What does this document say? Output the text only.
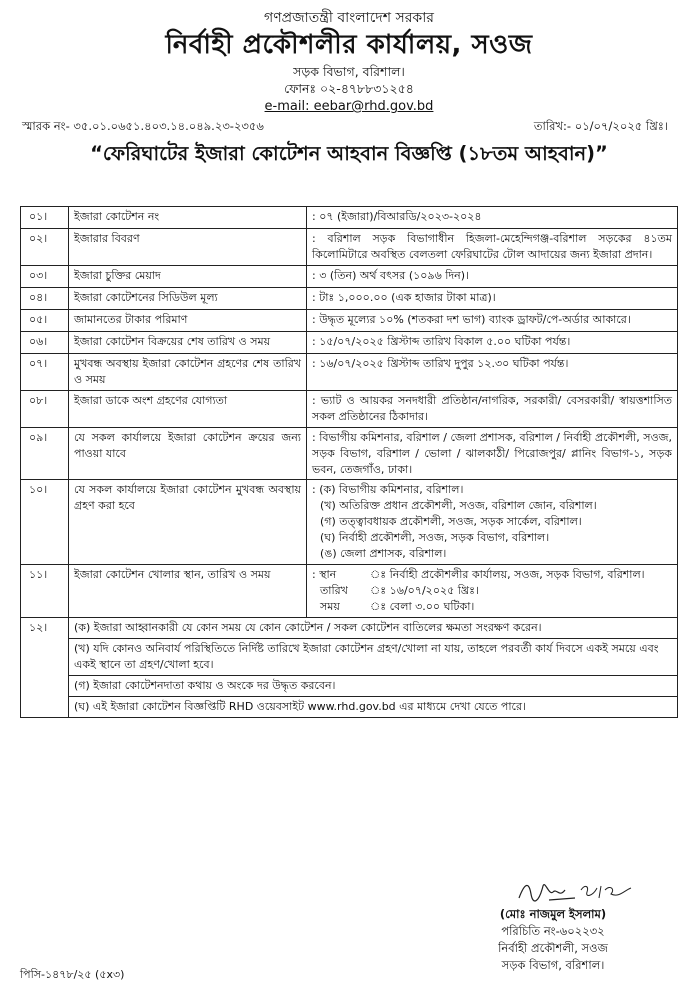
গণপ্রজাতন্ত্রী বাংলাদেশ সরকার
নির্বাহী প্রকৌশলীর কার্যালয়, সওজ
সড়ক বিভাগ, বরিশাল।
ফোনঃ ০২-৪৭৮৮৩১২৫৪
e-mail: eebar@rhd.gov.bd
স্মারক নং- ৩৫.০১.০৬৫১.৪০৩.১৪.০৪৯.২৩-২৩৫৬	তারিখ:- ০১/০৭/২০২৫ খ্রিঃ।
“ফেরিঘাটের ইজারা কোটেশন আহবান বিজ্ঞপ্তি (১৮তম আহবান)”
০১।	ইজারা কোটেশন নং	: ০৭ (ইজারা)/বিআরডি/২০২৩-২০২৪
০২।	ইজারার বিবরণ	: বরিশাল সড়ক বিভাগাধীন হিজলা-মেহেন্দিগঞ্জ-বরিশাল সড়কের ৪১তম কিলোমিটারে অবস্থিত বেলতলা ফেরিঘাটের টোল আদায়ের জন্য ইজারা প্রদান।
০৩।	ইজারা চুক্তির মেয়াদ	: ৩ (তিন) অর্থ বৎসর (১০৯৬ দিন)।
০৪।	ইজারা কোটেশনের সিডিউল মূল্য	: টাঃ ১,০০০.০০ (এক হাজার টাকা মাত্র)।
০৫।	জামানতের টাকার পরিমাণ	: উদ্ধৃত মূল্যের ১০% (শতকরা দশ ভাগ) ব্যাংক ড্রাফট/পে-অর্ডার আকারে।
০৬।	ইজারা কোটেশন বিক্রয়ের শেষ তারিখ ও সময়	: ১৫/০৭/২০২৫ খ্রিস্টাব্দ তারিখ বিকাল ৫.০০ ঘটিকা পর্যন্ত।
০৭।	মুখবন্ধ অবস্থায় ইজারা কোটেশন গ্রহণের শেষ তারিখ ও সময়	: ১৬/০৭/২০২৫ খ্রিস্টাব্দ তারিখ দুপুর ১২.৩০ ঘটিকা পর্যন্ত।
০৮।	ইজারা ডাকে অংশ গ্রহণের যোগ্যতা	: ভ্যাট ও আয়কর সনদধারী প্রতিষ্ঠান/নাগরিক, সরকারী/ বেসরকারী/ স্বায়ত্তশাসিত সকল প্রতিষ্ঠানের ঠিকাদার।
০৯।	যে সকল কার্যালয়ে ইজারা কোটেশন ক্রয়ের জন্য পাওয়া যাবে	: বিভাগীয় কমিশনার, বরিশাল / জেলা প্রশাসক, বরিশাল / নির্বাহী প্রকৌশলী, সওজ, সড়ক বিভাগ, বরিশাল / ভোলা / ঝালকাঠী/ পিরোজপুর/ প্লানিং বিভাগ-১, সড়ক ভবন, তেজগাঁও, ঢাকা।
১০।	যে সকল কার্যালয়ে ইজারা কোটেশন মুখবন্ধ অবস্থায় গ্রহণ করা হবে	: (ক) বিভাগীয় কমিশনার, বরিশাল।
(খ) অতিরিক্ত প্রধান প্রকৌশলী, সওজ, বরিশাল জোন, বরিশাল।
(গ) তত্ত্বাবধায়ক প্রকৌশলী, সওজ, সড়ক সার্কেল, বরিশাল।
(ঘ) নির্বাহী প্রকৌশলী, সওজ, সড়ক বিভাগ, বরিশাল।
(ঙ) জেলা প্রশাসক, বরিশাল।

১১।	ইজারা কোটেশন খোলার স্থান, তারিখ ও সময়	: স্থান ঃ নির্বাহী প্রকৌশলীর কার্যালয়, সওজ, সড়ক বিভাগ, বরিশাল।
তারিখ ঃ ১৬/০৭/২০২৫ খ্রিঃ।
সময় ঃ বেলা ৩.০০ ঘটিকা।

১২।	(ক) ইজারা আহ্বানকারী যে কোন সময় যে কোন কোটেশন / সকল কোটেশন বাতিলের ক্ষমতা সংরক্ষণ করেন।	
	(খ) যদি কোনও অনিবার্য পরিস্থিতিতে নির্দিষ্ট তারিখে ইজারা কোটেশন গ্রহণ/খোলা না যায়, তাহলে পরবর্তী কার্য দিবসে একই সময়ে এবং একই স্থানে তা গ্রহণ/খোলা হবে।	
	(গ) ইজারা কোটেশনদাতা কথায় ও অংকে দর উদ্ধৃত করবেন।	
	(ঘ) এই ইজারা কোটেশন বিজ্ঞপ্তিটি RHD ওয়েবসাইট www.rhd.gov.bd এর মাধ্যমে দেখা যেতে পারে।	
(মোঃ নাজমুল ইসলাম)
পরিচিতি নং-৬০২২৩২
নির্বাহী প্রকৌশলী, সওজ
সড়ক বিভাগ, বরিশাল।
পিসি-১৪৭৮/২৫ (৫x৩)
